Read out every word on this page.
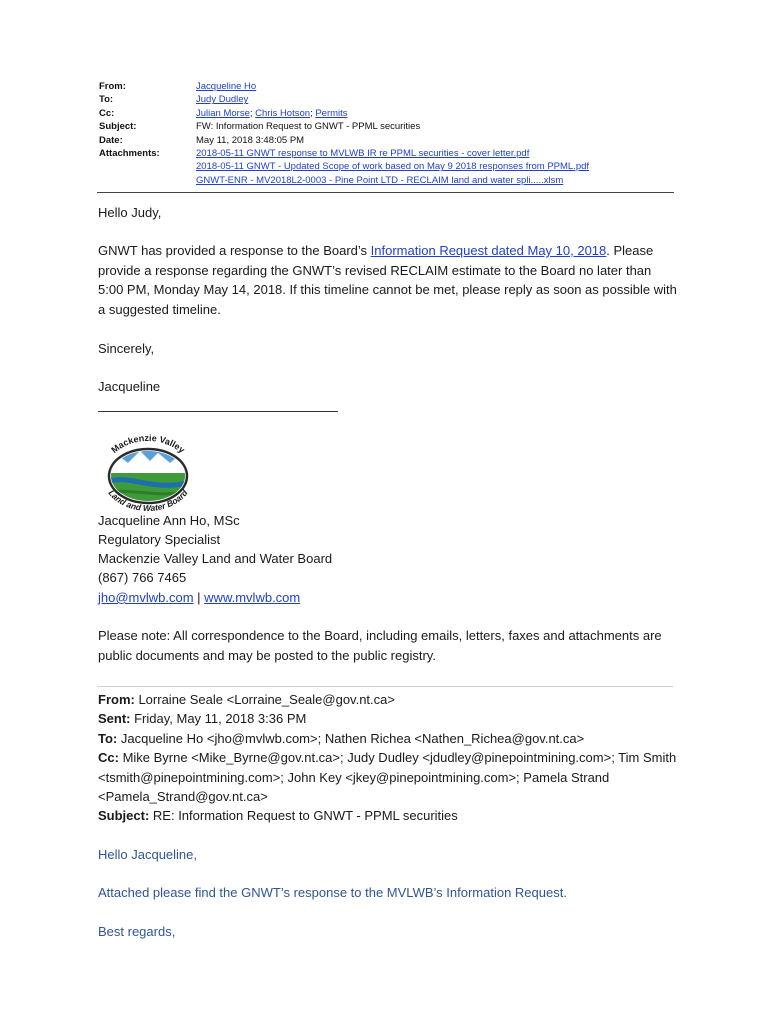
From:	Jacqueline Ho
To:	Judy Dudley
Cc:	Julian Morse; Chris Hotson; Permits
Subject:	FW: Information Request to GNWT - PPML securities
Date:	May 11, 2018 3:48:05 PM
Attachments:	2018-05-11 GNWT response to MVLWB IR re PPML securities - cover letter.pdf
2018-05-11 GNWT - Updated Scope of work based on May 9 2018 responses from PPML.pdf
GNWT-ENR - MV2018L2-0003 - Pine Point LTD - RECLAIM land and water spli.....xlsm
Hello Judy,
GNWT has provided a response to the Board’s Information Request dated May 10, 2018. Please provide a response regarding the GNWT’s revised RECLAIM estimate to the Board no later than 5:00 PM, Monday May 14, 2018. If this timeline cannot be met, please reply as soon as possible with a suggested timeline.
Sincerely,
Jacqueline
Mackenzie Valley
Land and Water Board
Jacqueline Ann Ho, MSc
Regulatory Specialist
Mackenzie Valley Land and Water Board
(867) 766 7465
jho@mvlwb.com | www.mvlwb.com
Please note: All correspondence to the Board, including emails, letters, faxes and attachments are public documents and may be posted to the public registry.
From: Lorraine Seale <Lorraine_Seale@gov.nt.ca>
Sent: Friday, May 11, 2018 3:36 PM
To: Jacqueline Ho <jho@mvlwb.com>; Nathen Richea <Nathen_Richea@gov.nt.ca>
Cc: Mike Byrne <Mike_Byrne@gov.nt.ca>; Judy Dudley <jdudley@pinepointmining.com>; Tim Smith <tsmith@pinepointmining.com>; John Key <jkey@pinepointmining.com>; Pamela Strand <Pamela_Strand@gov.nt.ca>
Subject: RE: Information Request to GNWT - PPML securities
Hello Jacqueline,
Attached please find the GNWT’s response to the MVLWB’s Information Request.
Best regards,
